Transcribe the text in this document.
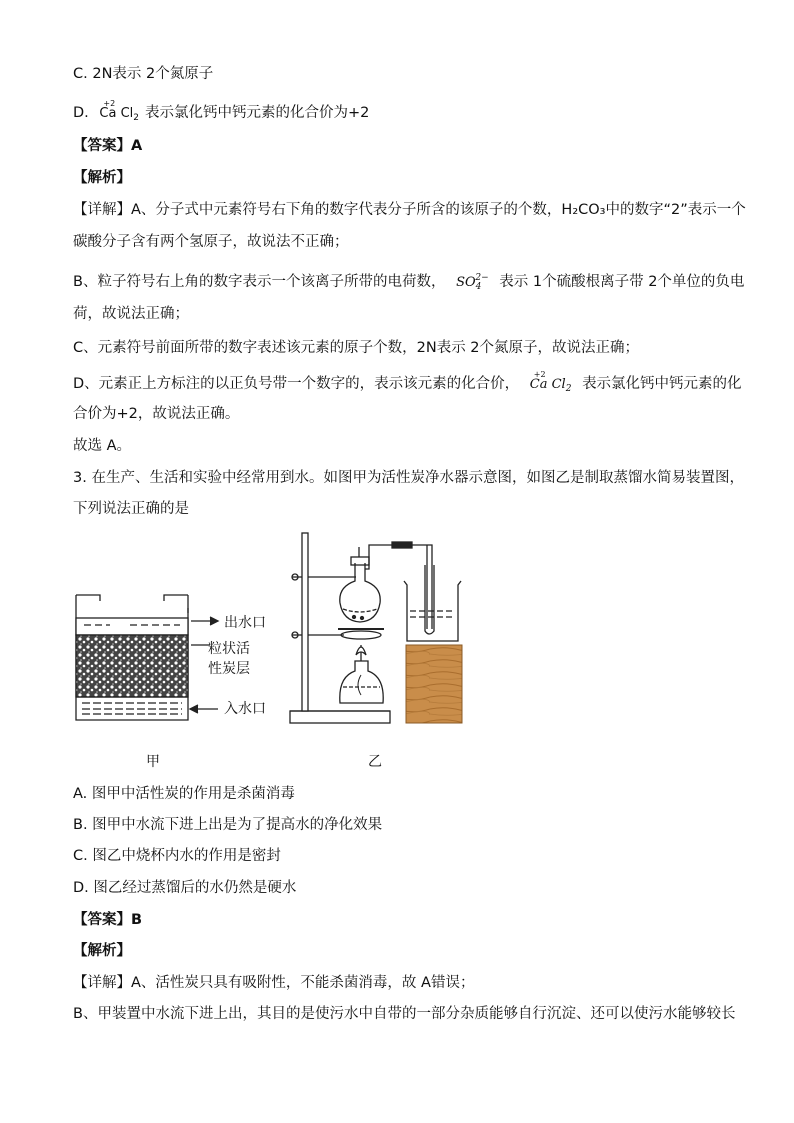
C. 2N表示 2个氮原子
D.
+2
Ca $Cl_2$ 表示氯化钙中钙元素的化合价为+2
【答案】A
【解析】
【详解】A、分子式中元素符号右下角的数字代表分子所含的该原子的个数，H₂CO₃中的数字“2”表示一个
碳酸分子含有两个氢原子，故说法不正确；
B、粒子符号右上角的数字表示一个该离子所带的电荷数， $SO_4^{2-}$ 表示 1个硫酸根离子带 2个单位的负电
荷，故说法正确；
C、元素符号前面所带的数字表述该元素的原子个数，2N表示 2个氮原子，故说法正确；
D、元素正上方标注的以正负号带一个数字的，表示该元素的化合价，
+2
Ca $Cl_2$ 表示氯化钙中钙元素的化
合价为+2，故说法正确。
故选 A。
3. 在生产、生活和实验中经常用到水。如图甲为活性炭净水器示意图，如图乙是制取蒸馏水简易装置图，
下列说法正确的是
出水口
粒状活
性炭层
入水口
甲	乙
A. 图甲中活性炭的作用是杀菌消毒
B. 图甲中水流下进上出是为了提高水的净化效果
C. 图乙中烧杯内水的作用是密封
D. 图乙经过蒸馏后的水仍然是硬水
【答案】B
【解析】
【详解】A、活性炭只具有吸附性，不能杀菌消毒，故 A错误；
B、甲装置中水流下进上出，其目的是使污水中自带的一部分杂质能够自行沉淀、还可以使污水能够较长
